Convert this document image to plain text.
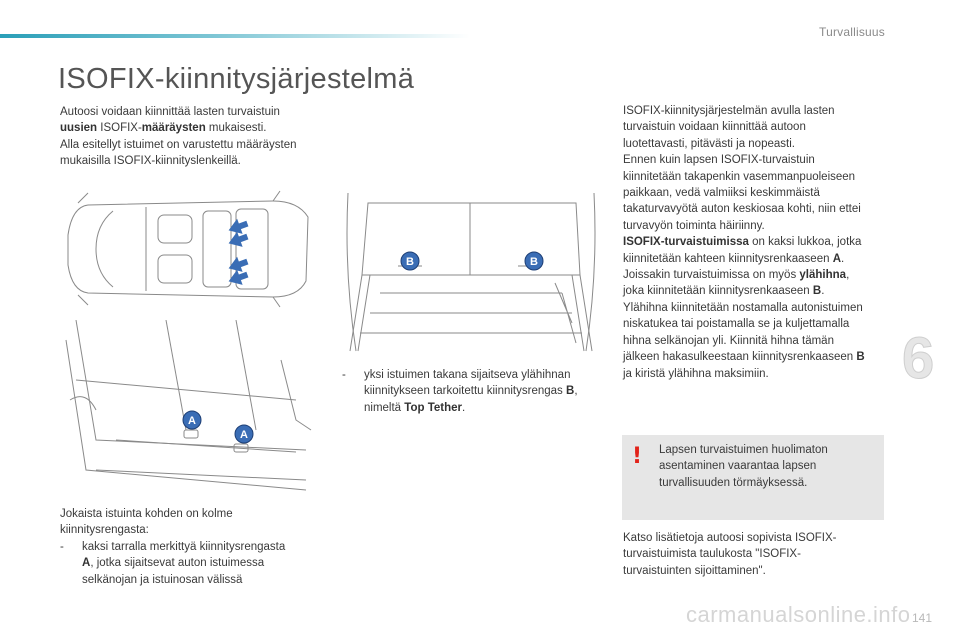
Turvallisuus
ISOFIX-kiinnitysjärjestelmä

Autoosi voidaan kiinnittää lasten turvaistuin

uusien ISOFIX-määräysten mukaisesti.

Alla esitellyt istuimet on varustettu määräysten

mukaisilla ISOFIX-kiinnityslenkeillä.

B	B
A
A

Jokaista istuinta kohden on kolme

kiinnitysrengasta:

-	kaksi tarralla merkittyä kiinnitysrengasta

A, jotka sijaitsevat auton istuimessa

selkänojan ja istuinosan välissä

-	yksi istuimen takana sijaitseva ylähihnan

kiinnitykseen tarkoitettu kiinnitysrengas B,

nimeltä Top Tether.

ISOFIX-kiinnitysjärjestelmän avulla lasten

turvaistuin voidaan kiinnittää autoon

luotettavasti, pitävästi ja nopeasti.

Ennen kuin lapsen ISOFIX-turvaistuin

kiinnitetään takapenkin vasemmanpuoleiseen

paikkaan, vedä valmiiksi keskimmäistä

takaturvavyötä auton keskiosaa kohti, niin ettei

turvavyön toiminta häiriinny.

ISOFIX-turvaistuimissa on kaksi lukkoa, jotka

kiinnitetään kahteen kiinnitysrenkaaseen A.

Joissakin turvaistuimissa on myös ylähihna,

joka kiinnitetään kiinnitysrenkaaseen B.

Ylähihna kiinnitetään nostamalla autonistuimen

niskatukea tai poistamalla se ja kuljettamalla

hihna selkänojan yli. Kiinnitä hihna tämän

jälkeen hakasulkeestaan kiinnitysrenkaaseen B

ja kiristä ylähihna maksimiin.	6
! Lapsen turvaistuimen huolimaton

asentaminen vaarantaa lapsen

turvallisuuden törmäyksessä.

Katso lisätietoja autoosi sopivista ISOFIX-

turvaistuimista taulukosta "ISOFIX-

turvaistuinten sijoittaminen".

carmanualsonline.info 141
